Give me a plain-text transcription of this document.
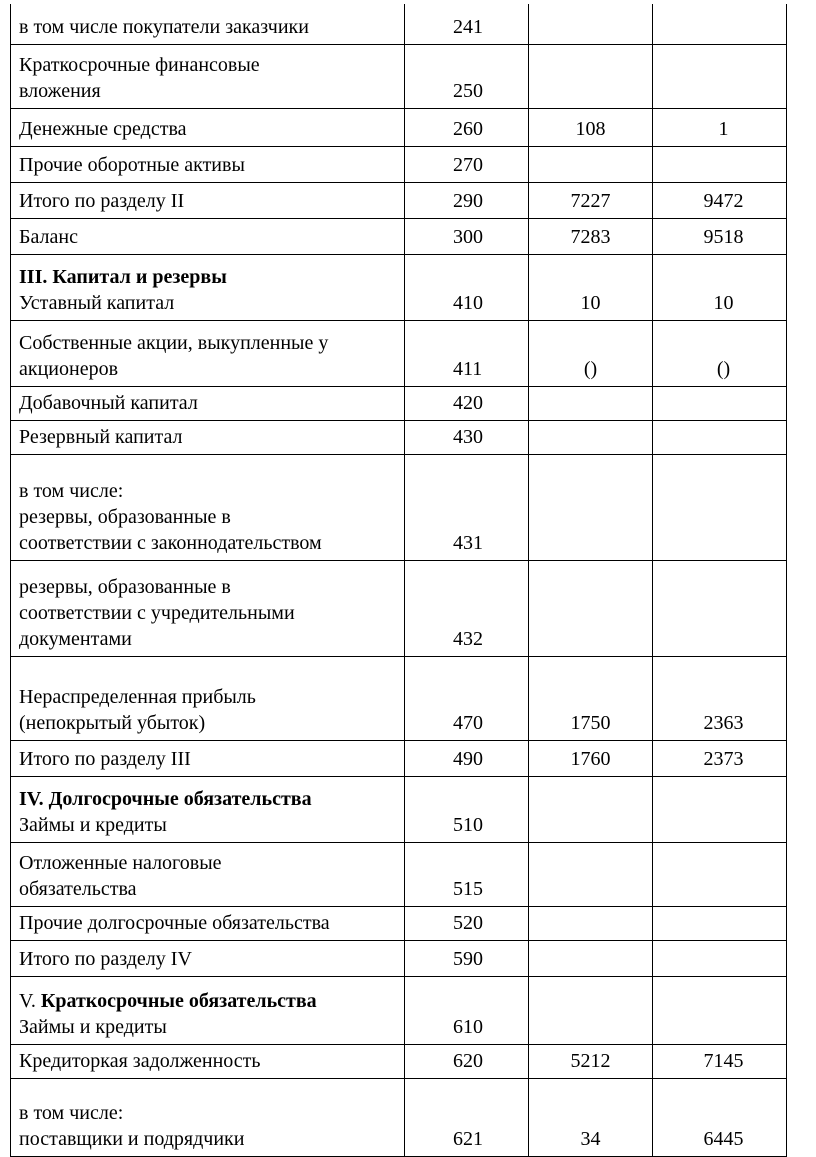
в том числе покупатели заказчики	241		

Краткосрочные финансовые
вложения	250		

Денежные средства	260	108	1

Прочие оборотные активы	270		

Итого по разделу II	290	7227	9472

Баланс	300	7283	9518

III. Капитал и резервы
Уставный капитал	410	10	10

Собственные акции, выкупленные у
акционеров	411	()	()

Добавочный капитал	420		

Резервный капитал	430		

в том числе:
резервы, образованные в
соответствии с законнодательством	431		

резервы, образованные в
соответствии с учредительными
документами	432		

Нераспределенная прибыль
(непокрытый убыток)	470	1750	2363

Итого по разделу III	490	1760	2373

IV. Долгосрочные обязательства
Займы и кредиты	510		

Отложенные налоговые
обязательства	515		

Прочие долгосрочные обязательства	520		

Итого по разделу IV	590		

V. Краткосрочные обязательства
Займы и кредиты	610		

Кредиторкая задолженность	620	5212	7145

в том числе:
поставщики и подрядчики	621	34	6445
